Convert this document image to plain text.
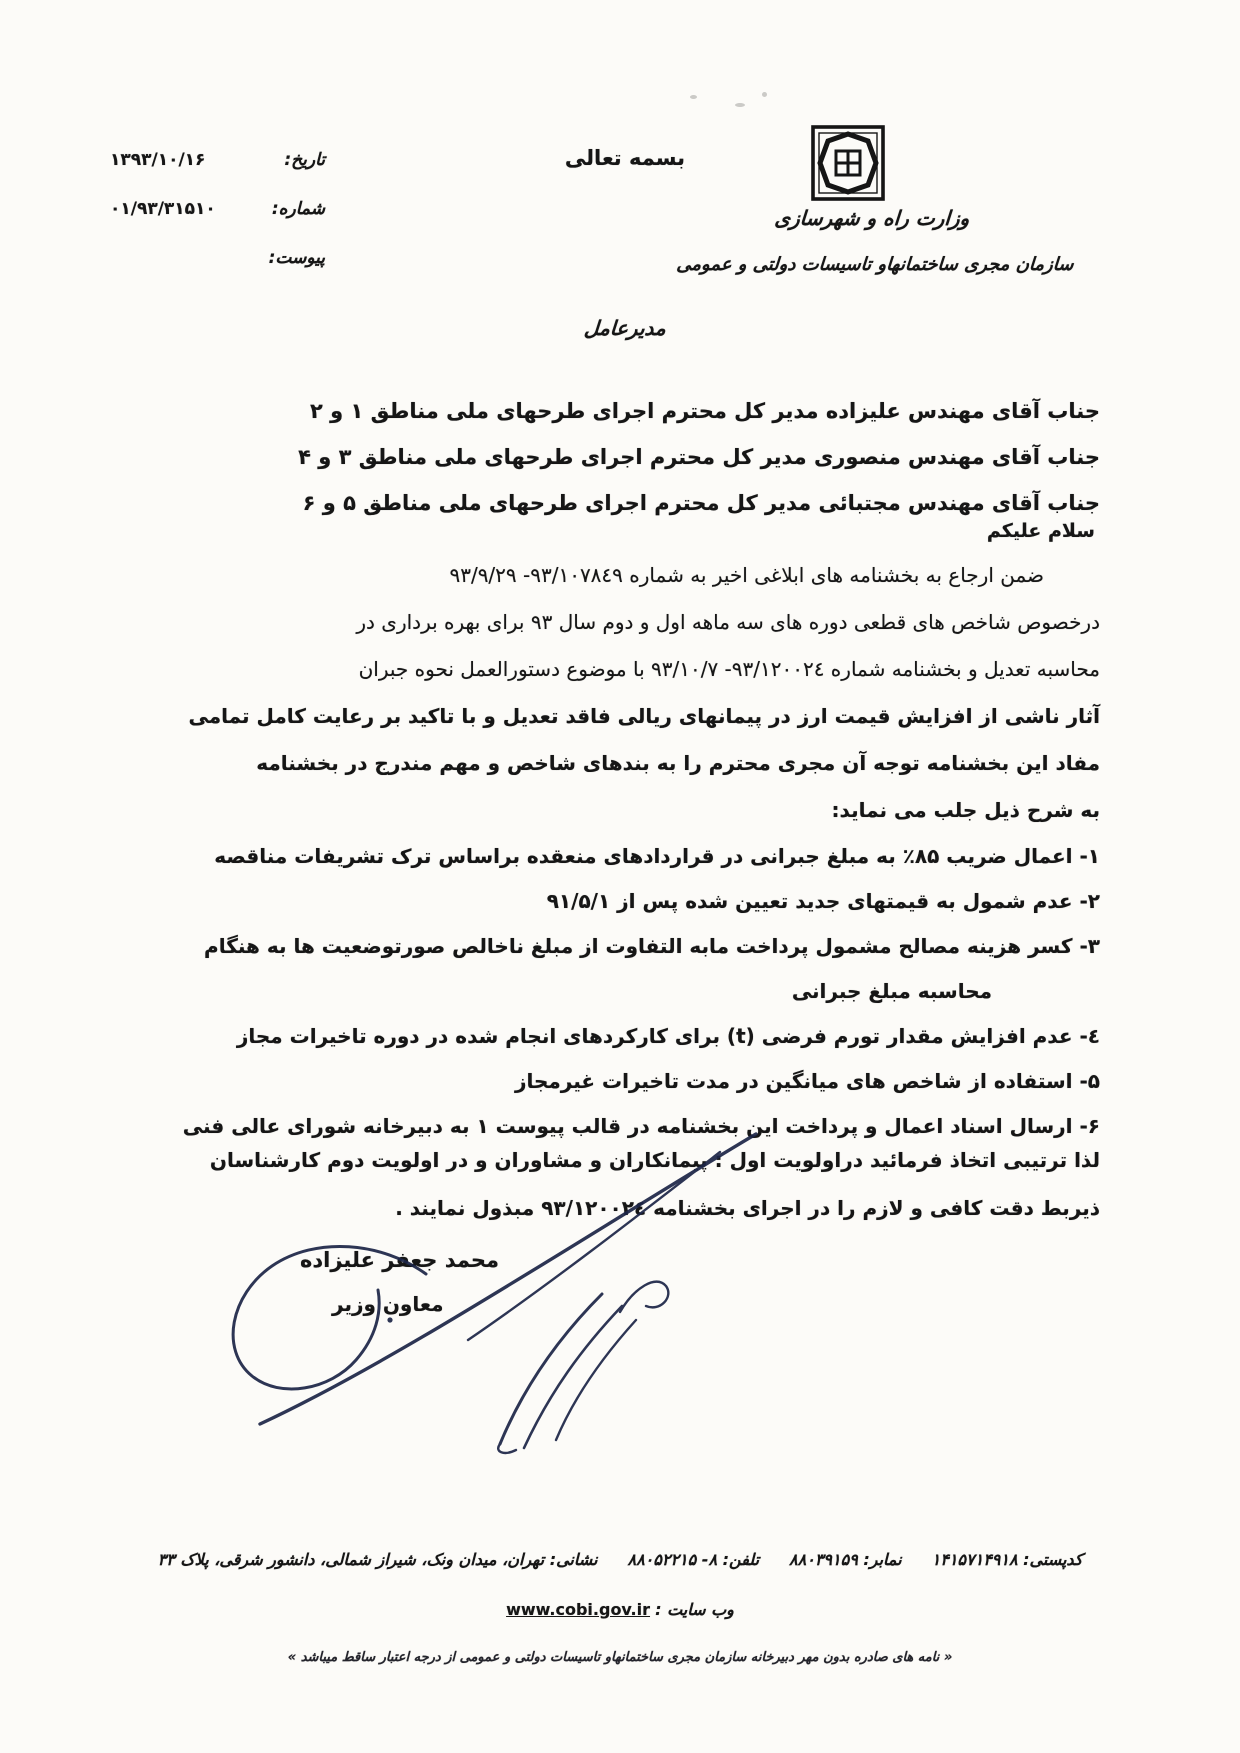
بسمه تعالی
وزارت راه و شهرسازی
سازمان مجری ساختمانهاو تاسیسات دولتی و عمومی
تاریخ:
۱۳۹۳/۱۰/۱۶
شماره:
۰۱/۹۳/۳۱۵۱۰
پیوست:
مدیرعامل
جناب آقای مهندس علیزاده مدیر کل محترم اجرای طرحهای ملی مناطق ۱ و ۲
جناب آقای مهندس منصوری مدیر کل محترم اجرای طرحهای ملی مناطق ۳ و ۴
جناب آقای مهندس مجتبائی مدیر کل محترم اجرای طرحهای ملی مناطق ۵ و ۶
سلام علیکم
ضمن ارجاع به بخشنامه های ابلاغی اخیر به شماره ۹۳/۱۰۷۸٤۹- ۹۳/۹/۲۹
درخصوص شاخص های قطعی دوره های سه ماهه اول و دوم سال ۹۳ برای بهره برداری در
محاسبه تعدیل و بخشنامه شماره ۹۳/۱۲۰۰۲٤- ۹۳/۱۰/۷ با موضوع دستورالعمل نحوه جبران
آثار ناشی از افزایش قیمت ارز در پیمانهای ریالی فاقد تعدیل و با تاکید بر رعایت کامل تمامی
مفاد این بخشنامه توجه آن مجری محترم را به بندهای شاخص و مهم مندرج در بخشنامه
به شرح ذیل جلب می نماید:
۱- اعمال ضریب ۸۵٪ به مبلغ جبرانی در قراردادهای منعقده براساس ترک تشریفات مناقصه
۲- عدم شمول به قیمتهای جدید تعیین شده پس از ۹۱/۵/۱
۳- کسر هزینه مصالح مشمول پرداخت مابه التفاوت از مبلغ ناخالص صورتوضعیت ها به هنگام
محاسبه مبلغ جبرانی
٤- عدم افزایش مقدار تورم فرضی (t) برای کارکردهای انجام شده در دوره تاخیرات مجاز
۵- استفاده از شاخص های میانگین در مدت تاخیرات غیرمجاز
۶- ارسال اسناد اعمال و پرداخت این بخشنامه در قالب پیوست ۱ به دبیرخانه شورای عالی فنی
لذا ترتیبی اتخاذ فرمائید دراولویت اول : پیمانکاران و مشاوران و در اولویت دوم کارشناسان
ذیربط دقت کافی و لازم را در اجرای بخشنامه ۹۳/۱۲۰۰۲٤ مبذول نمایند .
محمد جعفر علیزاده
معاون وزیر
کدپستی: ۱۴۱۵۷۱۴۹۱۸
نمابر: ۸۸۰۳۹۱۵۹
تلفن: ۸- ۸۸۰۵۲۲۱۵
نشانی: تهران، میدان ونک، شیراز شمالی، دانشور شرقی، پلاک ۳۳
وب سایت : www.cobi.gov.ir
« نامه های صادره بدون مهر دبیرخانه سازمان مجری ساختمانهاو تاسیسات دولتی و عمومی از درجه اعتبار ساقط میباشد »
